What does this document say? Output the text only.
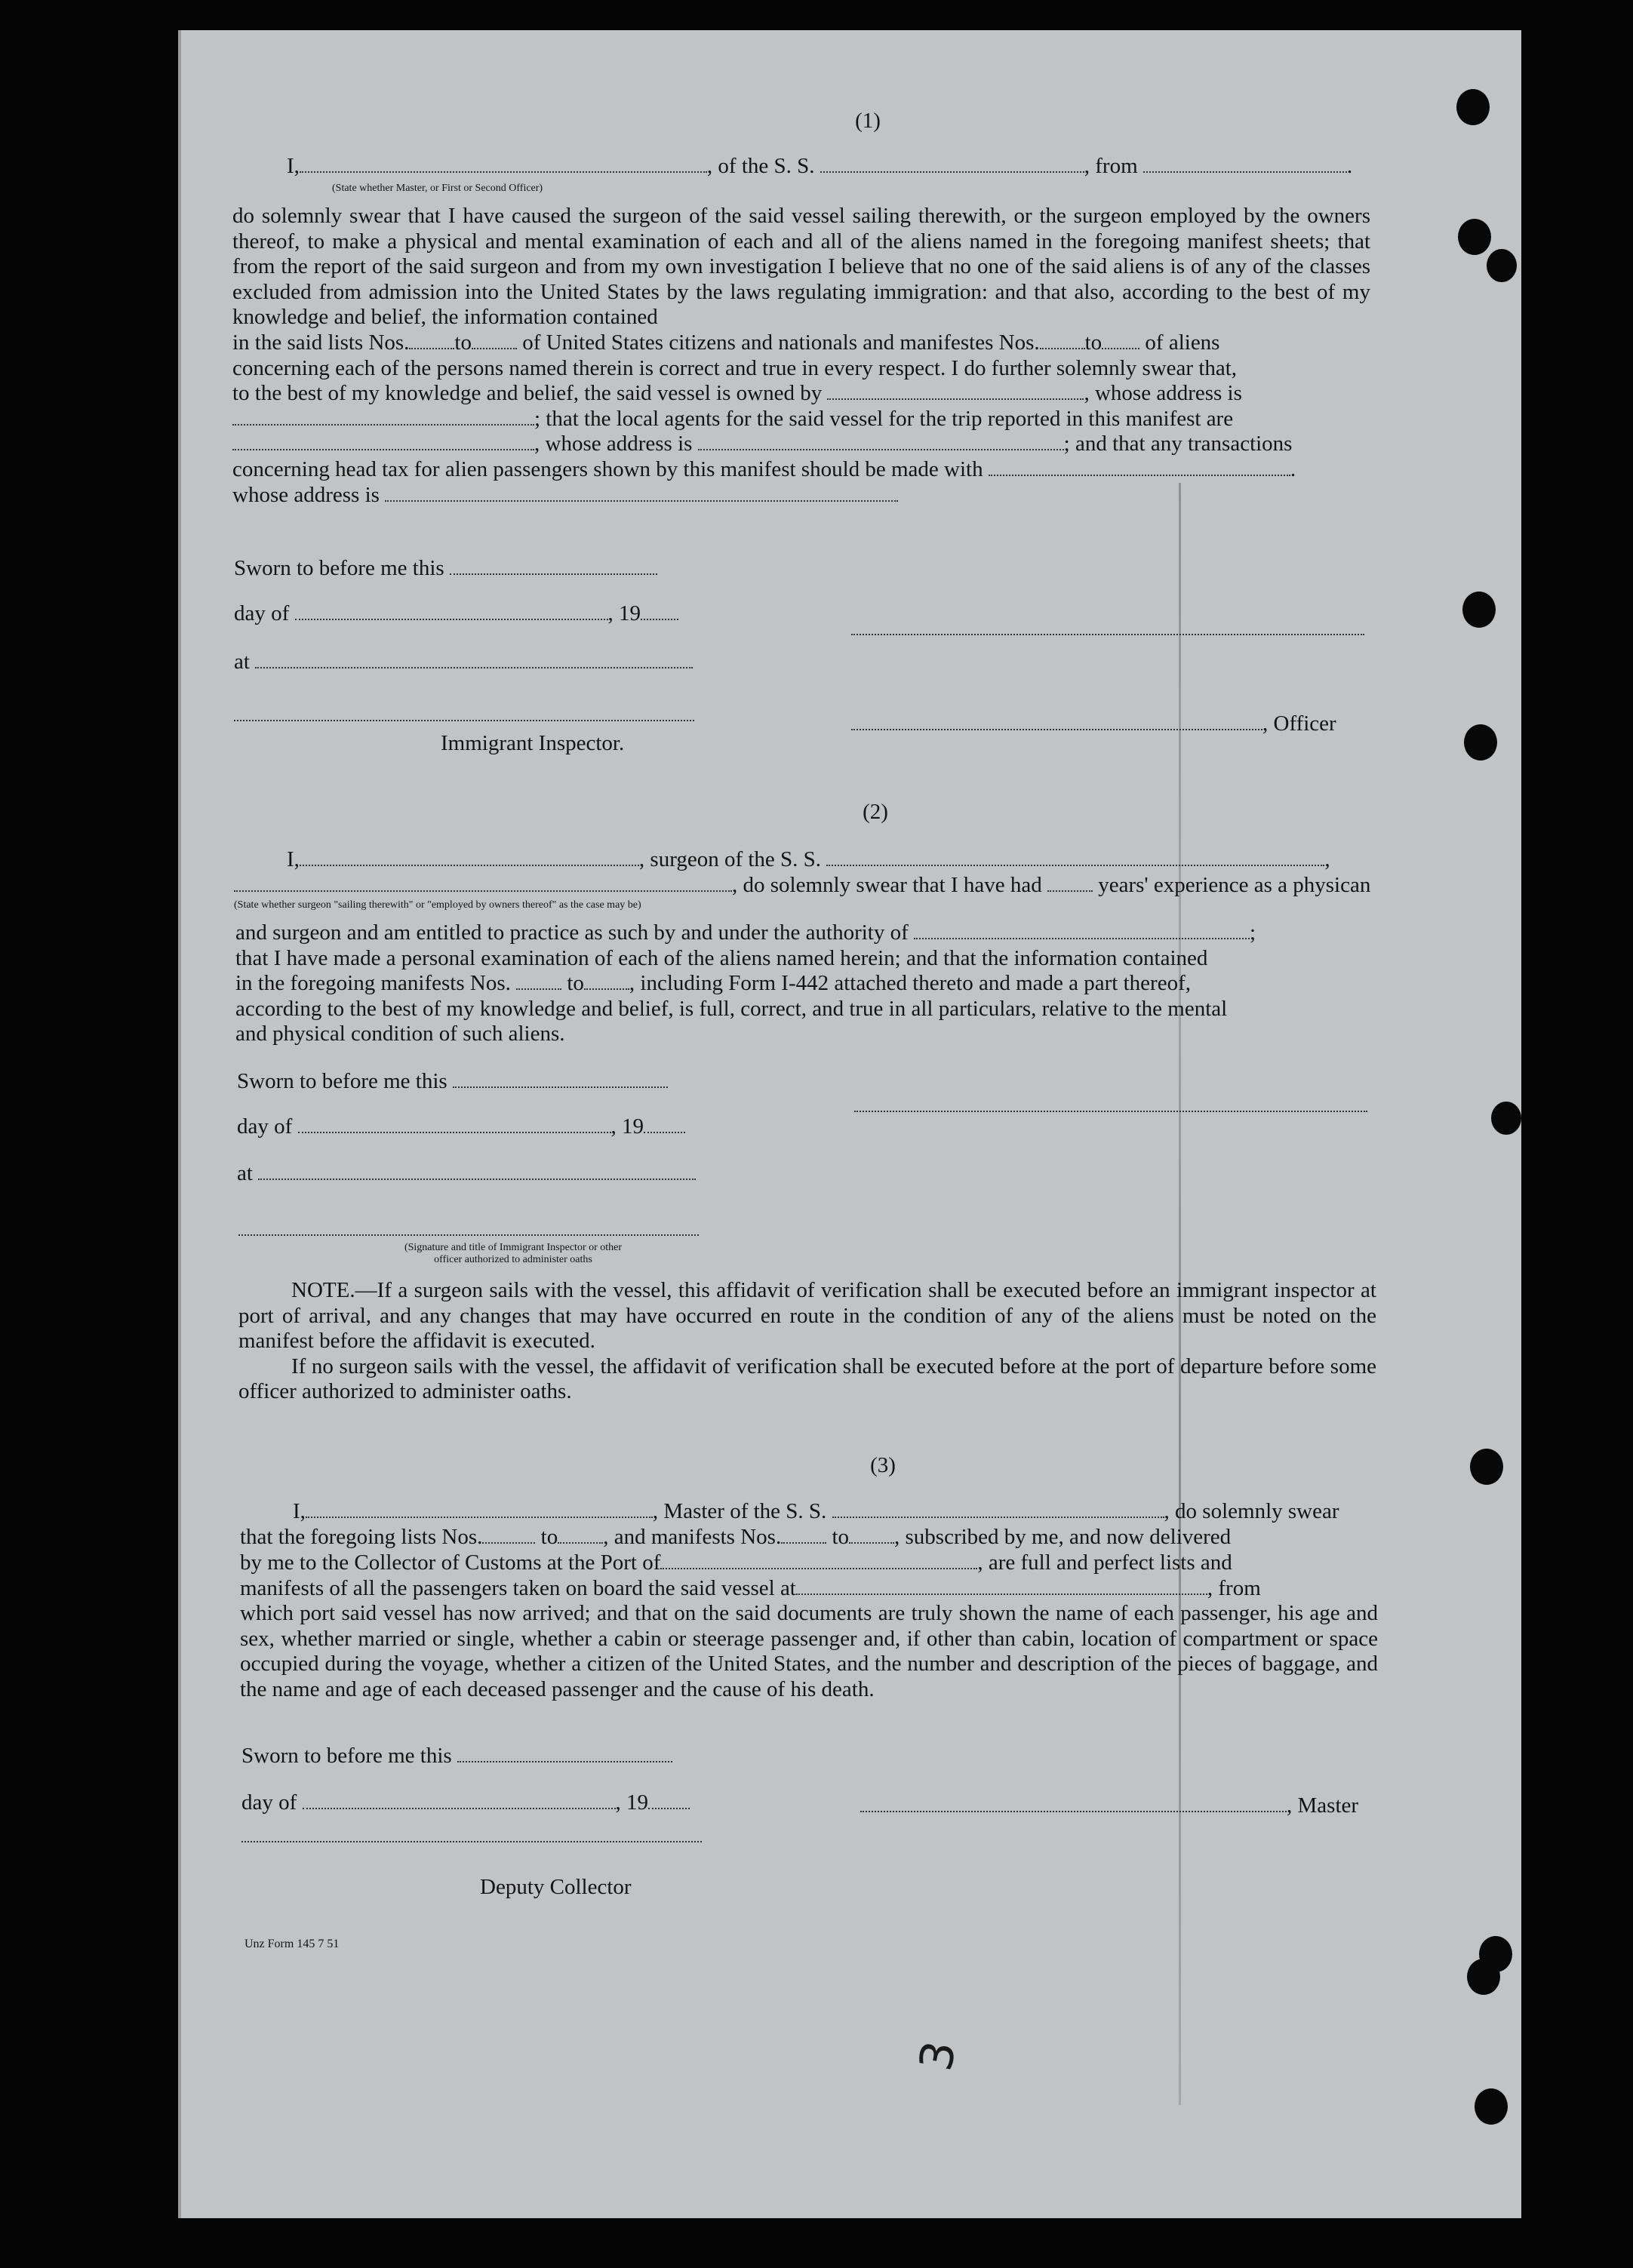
(1)
I,	, of the S. S.	, from	.
(State whether Master, or First or Second Officer)

do solemnly swear that I have caused the surgeon of the said vessel sailing therewith, or the surgeon employed by the owners thereof, to make a physical and mental examination of each and all of the aliens named in the foregoing manifest sheets; that from the report of the said surgeon and from my own investigation I believe that no one of the said aliens is of any of the classes excluded from admission into the United States by the laws regulating immigration: and that also, according to the best of my knowledge and belief, the information contained

in the said lists Nos. to of United States citizens and nationals and manifestes Nos. to of aliens

concerning each of the persons named therein is correct and true in every respect. I do further solemnly swear that,

to the best of my knowledge and belief, the said vessel is owned by	, whose address is

; that the local agents for the said vessel for the trip reported in this manifest are

, whose address is	; and that any transactions

concerning head tax for alien passengers shown by this manifest should be made with	.

whose address is

Sworn to before me this
day of	, 19
at
, Officer
Immigrant Inspector.
(2)
I,	, surgeon of the S. S.	,
, do solemnly swear that I have had	years' experience as a physican
(State whether surgeon "sailing therewith" or "employed by owners thereof" as the case may be)

and surgeon and am entitled to practice as such by and under the authority of	;

that I have made a personal examination of each of the aliens named herein; and that the information contained

in the foregoing manifests Nos.	to , including Form I-442 attached thereto and made a part thereof,

according to the best of my knowledge and belief, is full, correct, and true in all particulars, relative to the mental

and physical condition of such aliens.

Sworn to before me this
day of	, 19
at
(Signature and title of Immigrant Inspector or other
officer authorized to administer oaths

NOTE.—If a surgeon sails with the vessel, this affidavit of verification shall be executed before an immigrant inspector at port of arrival, and any changes that may have occurred en route in the condition of any of the aliens must be noted on the manifest before the affidavit is executed.

If no surgeon sails with the vessel, the affidavit of verification shall be executed before at the port of departure before some officer authorized to administer oaths.

(3)
I,	, Master of the S. S.	, do solemnly swear
that the foregoing lists Nos.	to , and manifests Nos. to , subscribed by me, and now delivered
by me to the Collector of Customs at the Port of	, are full and perfect lists and
manifests of all the passengers taken on board the said vessel at	, from

which port said vessel has now arrived; and that on the said documents are truly shown the name of each passenger, his age and sex, whether married or single, whether a cabin or steerage passenger and, if other than cabin, location of compartment or space occupied during the voyage, whether a citizen of the United States, and the number and description of the pieces of baggage, and the name and age of each deceased passenger and the cause of his death.

Sworn to before me this
day of	, 19	, Master
Deputy Collector
Unz Form 145 7 51
3
